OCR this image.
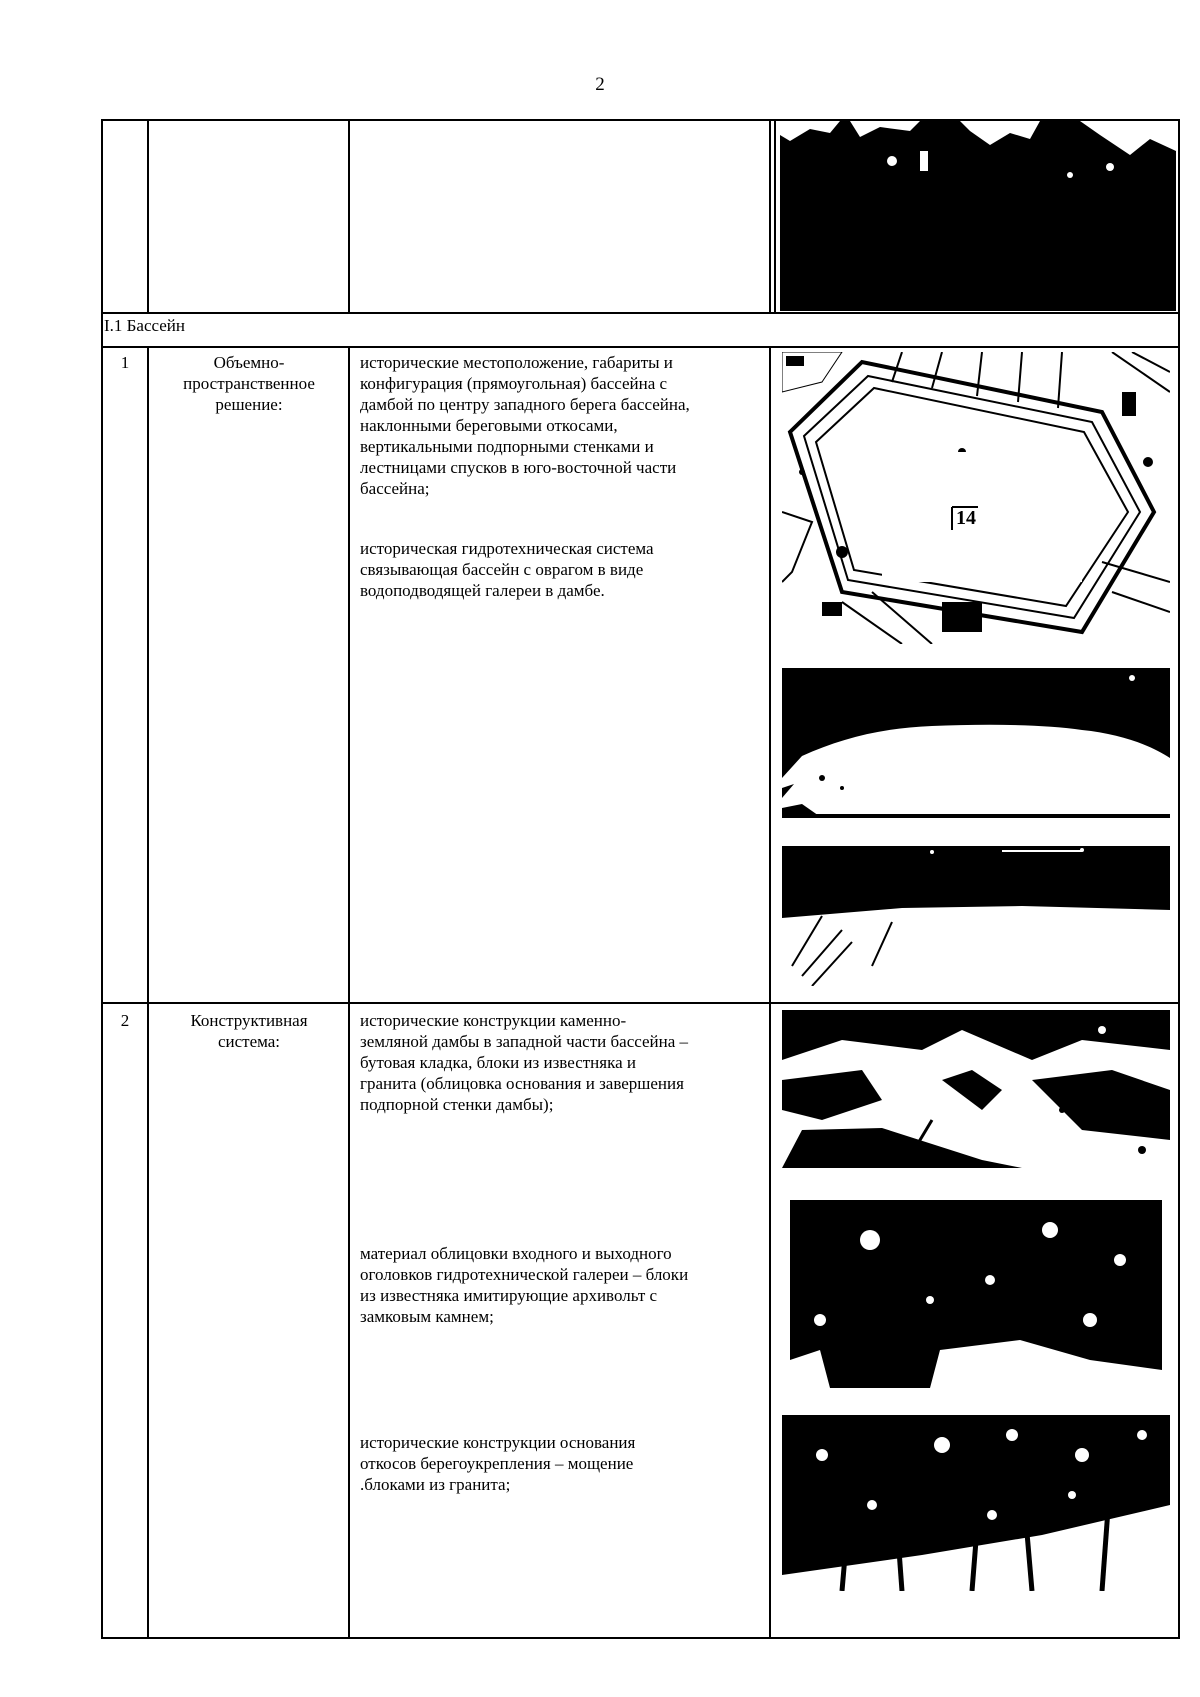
2
I.1 Бассейн
1	Объемно-
пространственное
решение:
исторические местоположение, габариты и
конфигурация (прямоугольная) бассейна с
дамбой по центру западного берега бассейна,
наклонными береговыми откосами,
вертикальными подпорными стенками и
лестницами спусков в юго-восточной части
бассейна;
историческая гидротехническая система
связывающая бассейн с оврагом в виде
водоподводящей галереи в дамбе.
14
2	Конструктивная
система:
исторические конструкции каменно-
земляной дамбы в западной части бассейна –
бутовая кладка, блоки из известняка и
гранита (облицовка основания и завершения
подпорной стенки дамбы);
материал облицовки входного и выходного
оголовков гидротехнической галереи – блоки
из известняка имитирующие архивольт с
замковым камнем;
исторические конструкции основания
откосов берегоукрепления – мощение
.блоками из гранита;
